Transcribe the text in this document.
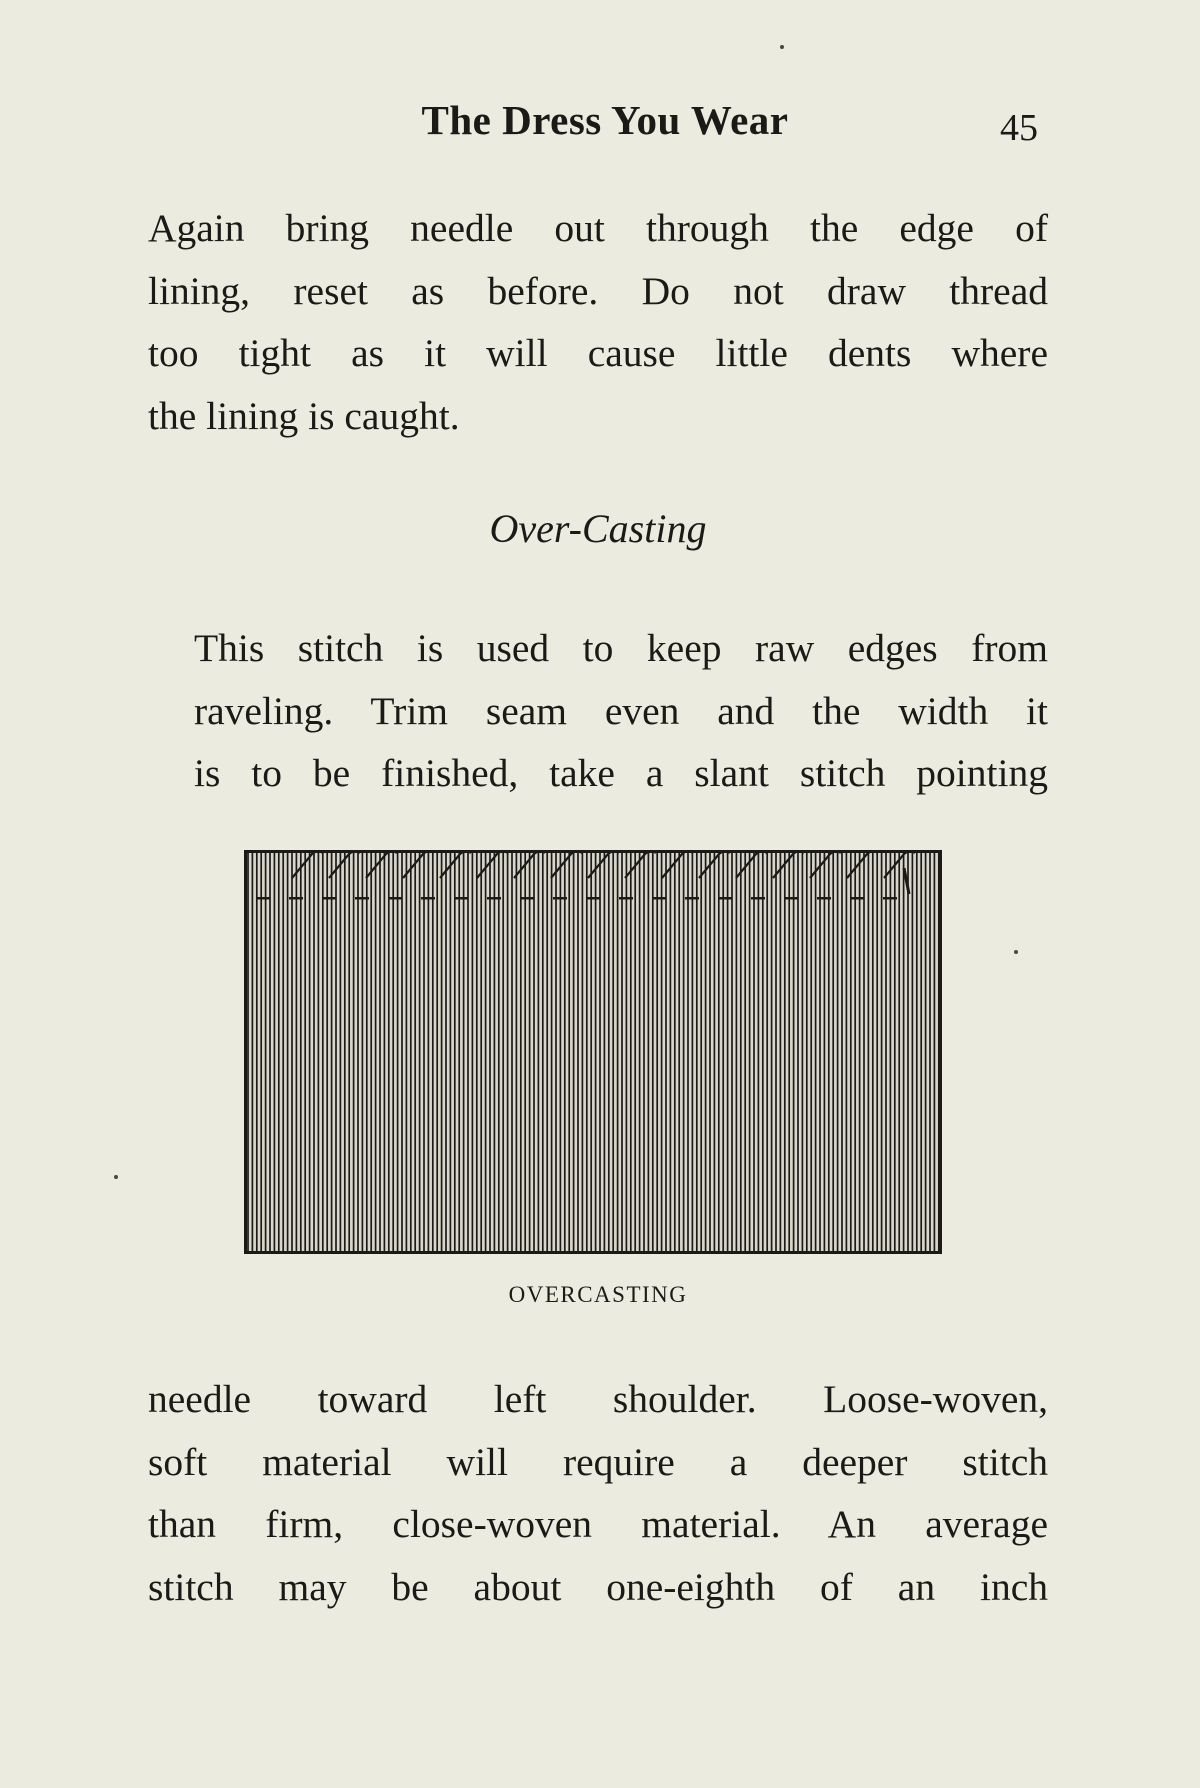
The Dress You Wear	45
Again bring needle out through the edge of
lining, reset as before. Do not draw thread
too tight as it will cause little dents where
the lining is caught.
Over-Casting
This stitch is used to keep raw edges from
raveling. Trim seam even and the width it
is to be finished, take a slant stitch pointing
OVERCASTING
needle toward left shoulder. Loose-woven,
soft material will require a deeper stitch
than firm, close-woven material. An average
stitch may be about one-eighth of an inch
